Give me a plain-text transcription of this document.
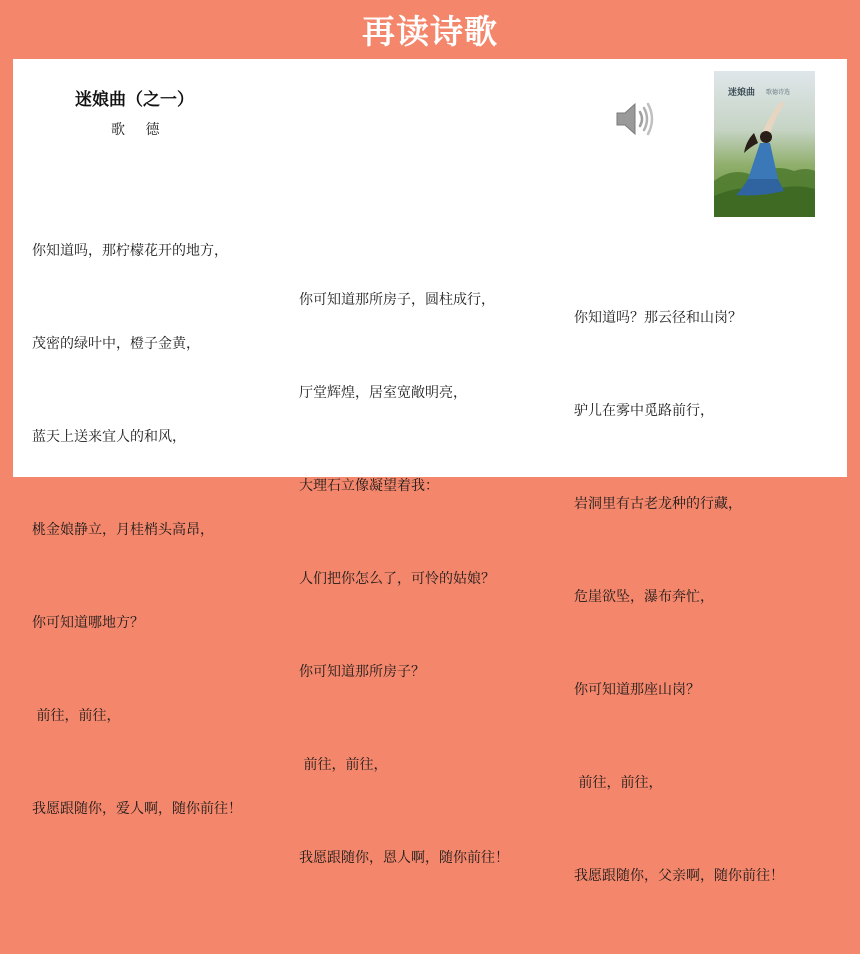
再读诗歌
迷娘曲（之一）
歌 德

你知道吗，那柠檬花开的地方，

茂密的绿叶中，橙子金黄，

蓝天上送来宜人的和风，

桃金娘静立，月桂梢头高昂，

你可知道哪地方？

前往，前往，

我愿跟随你，爱人啊，随你前往！

你可知道那所房子，圆柱成行，

厅堂辉煌，居室宽敞明亮，

大理石立像凝望着我：

人们把你怎么了，可怜的姑娘？

你可知道那所房子？

前往，前往，

我愿跟随你，恩人啊，随你前往！

你知道吗？那云径和山岗？

驴儿在雾中觅路前行，

岩洞里有古老龙种的行藏，

危崖欲坠，瀑布奔忙，

你可知道那座山岗？

前往，前往，

我愿跟随你，父亲啊，随你前往！

迷娘曲 歌德诗选
